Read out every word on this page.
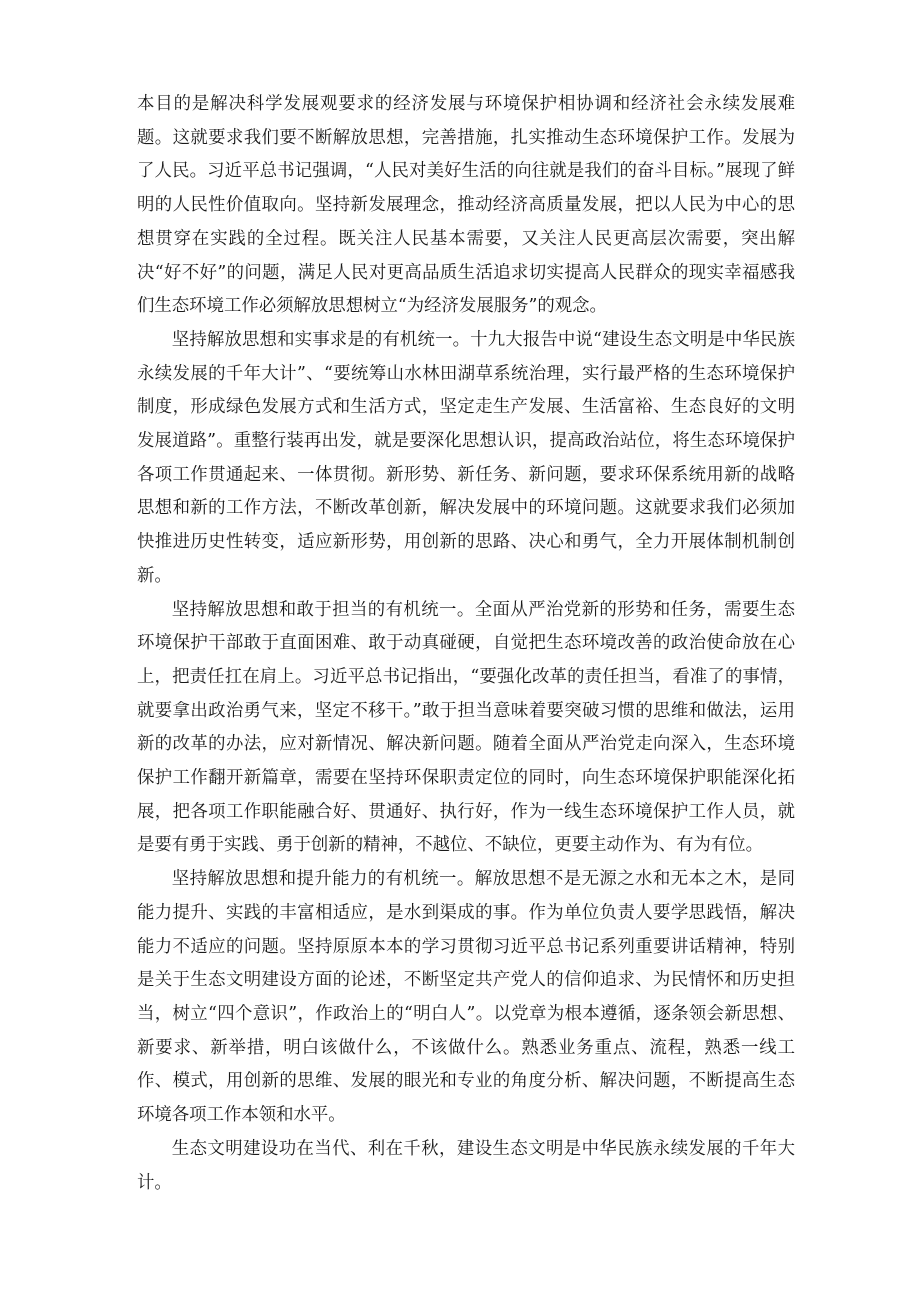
本目的是解决科学发展观要求的经济发展与环境保护相协调和经济社会永续发展难题。这就要求我们要不断解放思想，完善措施，扎实推动生态环境保护工作。发展为了人民。习近平总书记强调，“人民对美好生活的向往就是我们的奋斗目标。”展现了鲜明的人民性价值取向。坚持新发展理念，推动经济高质量发展，把以人民为中心的思想贯穿在实践的全过程。既关注人民基本需要，又关注人民更高层次需要，突出解决“好不好”的问题，满足人民对更高品质生活追求切实提高人民群众的现实幸福感我们生态环境工作必须解放思想树立“为经济发展服务”的观念。

坚持解放思想和实事求是的有机统一。十九大报告中说“建设生态文明是中华民族永续发展的千年大计”、“要统筹山水林田湖草系统治理，实行最严格的生态环境保护制度，形成绿色发展方式和生活方式，坚定走生产发展、生活富裕、生态良好的文明发展道路”。重整行装再出发，就是要深化思想认识，提高政治站位，将生态环境保护各项工作贯通起来、一体贯彻。新形势、新任务、新问题，要求环保系统用新的战略思想和新的工作方法，不断改革创新，解决发展中的环境问题。这就要求我们必须加快推进历史性转变，适应新形势，用创新的思路、决心和勇气，全力开展体制机制创新。

坚持解放思想和敢于担当的有机统一。全面从严治党新的形势和任务，需要生态环境保护干部敢于直面困难、敢于动真碰硬，自觉把生态环境改善的政治使命放在心上，把责任扛在肩上。习近平总书记指出，“要强化改革的责任担当，看准了的事情，就要拿出政治勇气来，坚定不移干。”敢于担当意味着要突破习惯的思维和做法，运用新的改革的办法，应对新情况、解决新问题。随着全面从严治党走向深入，生态环境保护工作翻开新篇章，需要在坚持环保职责定位的同时，向生态环境保护职能深化拓展，把各项工作职能融合好、贯通好、执行好，作为一线生态环境保护工作人员，就是要有勇于实践、勇于创新的精神，不越位、不缺位，更要主动作为、有为有位。

坚持解放思想和提升能力的有机统一。解放思想不是无源之水和无本之木，是同能力提升、实践的丰富相适应，是水到渠成的事。作为单位负责人要学思践悟，解决能力不适应的问题。坚持原原本本的学习贯彻习近平总书记系列重要讲话精神，特别是关于生态文明建设方面的论述，不断坚定共产党人的信仰追求、为民情怀和历史担当，树立“四个意识”，作政治上的“明白人”。以党章为根本遵循，逐条领会新思想、新要求、新举措，明白该做什么，不该做什么。熟悉业务重点、流程，熟悉一线工作、模式，用创新的思维、发展的眼光和专业的角度分析、解决问题，不断提高生态环境各项工作本领和水平。

生态文明建设功在当代、利在千秋，建设生态文明是中华民族永续发展的千年大计。
